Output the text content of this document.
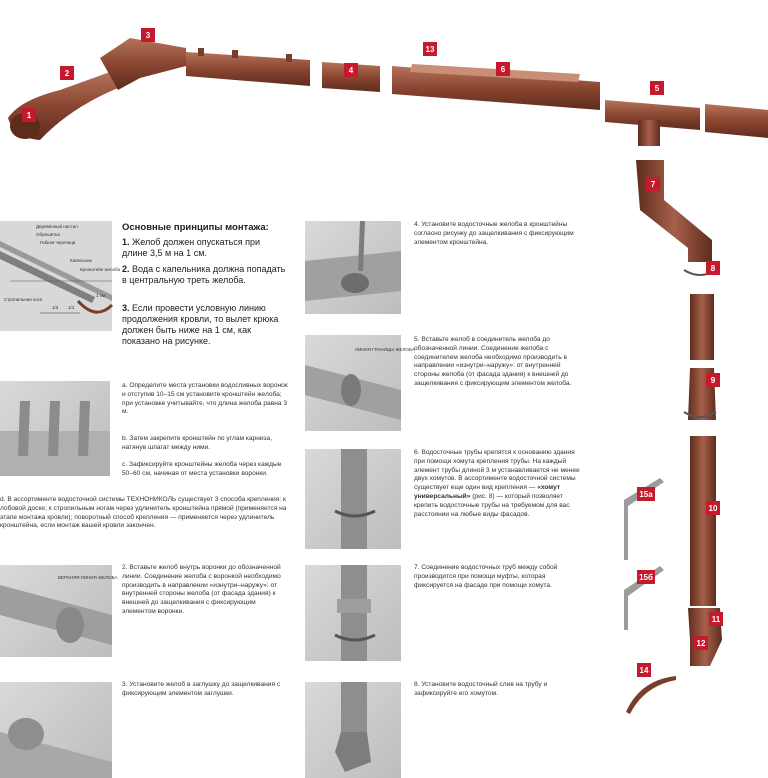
1
2
3
4
5
6
7
8
9
10
11
12
13
14
15a
15б
Деревянный настил
Обрешётка
Гибкая черепица
Капельник
Кронштейн желоба
Стропильная нога
1 см
1/3 1/3
Основные принципы монтажа:
1. Желоб должен опускаться при длине 3,5 м на 1 см.
2. Вода с капельника должна попадать в центральную треть желоба.
3. Если провести условную линию продолжения кровли, то вылет крюка должен быть ниже на 1 см, как показано на рисунке.
a. Определите места установки водосливных воронок и отступив 10–15 см установите кронштейн желоба; при установке учитывайте, что длина желоба равна 3 м.
b. Затем закрепите кронштейн по углам карниза, натянув шпагат между ними.
c. Зафиксируйте кронштейны желоба через каждые 50–60 см, начиная от места установки воронки.
d. В ассортименте водосточной системы ТЕХНОНИКОЛЬ существует 3 способа крепления: к лобовой доске; к стропильным ногам через удлинитель кронштейна прямой (применяется на этапе монтажа кровли); поворотный способ крепления — применяется через удлинитель кронштейна, если монтаж вашей кровли закончен.
ВЕРХНЯЯ ЛИНИЯ ЖЕЛОБА
2. Вставьте желоб внутрь воронки до обозначенной линии. Соединение желоба с воронкой необходимо производить в направлении «изнутри–наружу»: от внутренней стороны желоба (от фасада здания) к внешней до защелкивания с фиксирующим элементом воронки.
3. Установите желоб в заглушку до защелкивания с фиксирующим элементом заглушки.
4. Установите водосточные желоба в кронштейны согласно рисунку до защелкивания с фиксирующим элементом кронштейна.
ЛИНИЯ ГРАНИЦЫ ЖЕЛОБА
5. Вставьте желоб в соединитель желоба до обозначенной линии. Соединение желоба с соединителем желоба необходимо производить в направлении «изнутри–наружу»: от внутренней стороны желоба (от фасада здания) к внешней до защелкивания с фиксирующим элементом желоба.
6. Водосточные трубы крепятся к основанию здания при помощи хомута крепления трубы. На каждый элемент трубы длиной 3 м устанавливается не менее двух хомутов. В ассортименте водосточной системы существует еще один вид крепления — «хомут универсальный» (рис. 8) — который позволяет крепить водосточные трубы на требуемом для вас расстоянии на любые виды фасадов.
7. Соединение водосточных труб между собой производится при помощи муфты, которая фиксируется на фасаде при помощи хомута.
8. Установите водосточный слив на трубу и зафиксируйте его хомутом.
